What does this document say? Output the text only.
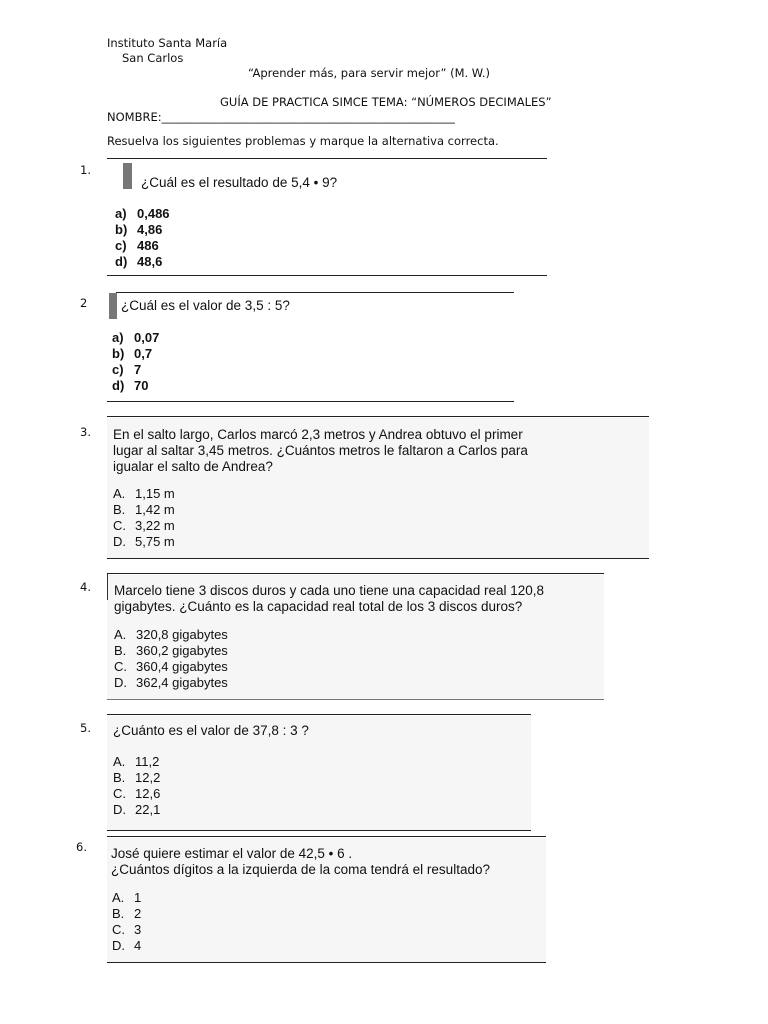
Instituto Santa María
San Carlos
“Aprender más, para servir mejor” (M. W.)
GUÍA DE PRACTICA SIMCE TEMA: “NÚMEROS DECIMALES”
NOMBRE:___________________________________________________
Resuelva los siguientes problemas y marque la alternativa correcta.
1.
¿Cuál es el resultado de 5,4 • 9?
a) 0,486
b) 4,86
c) 486
d) 48,6
2 ¿Cuál es el valor de 3,5 : 5?
a) 0,07
b) 0,7
c) 7
d) 70
3. En el salto largo, Carlos marcó 2,3 metros y Andrea obtuvo el primer
lugar al saltar 3,45 metros. ¿Cuántos metros le faltaron a Carlos para
igualar el salto de Andrea?
A. 1,15 m
B. 1,42 m
C. 3,22 m
D. 5,75 m
4. Marcelo tiene 3 discos duros y cada uno tiene una capacidad real 120,8
gigabytes. ¿Cuánto es la capacidad real total de los 3 discos duros?
A. 320,8 gigabytes
B. 360,2 gigabytes
C. 360,4 gigabytes
D. 362,4 gigabytes
5. ¿Cuánto es el valor de 37,8 : 3 ?
A. 11,2
B. 12,2
C. 12,6
D. 22,1
6. José quiere estimar el valor de 42,5 • 6 .
¿Cuántos dígitos a la izquierda de la coma tendrá el resultado?
A. 1
B. 2
C. 3
D. 4
